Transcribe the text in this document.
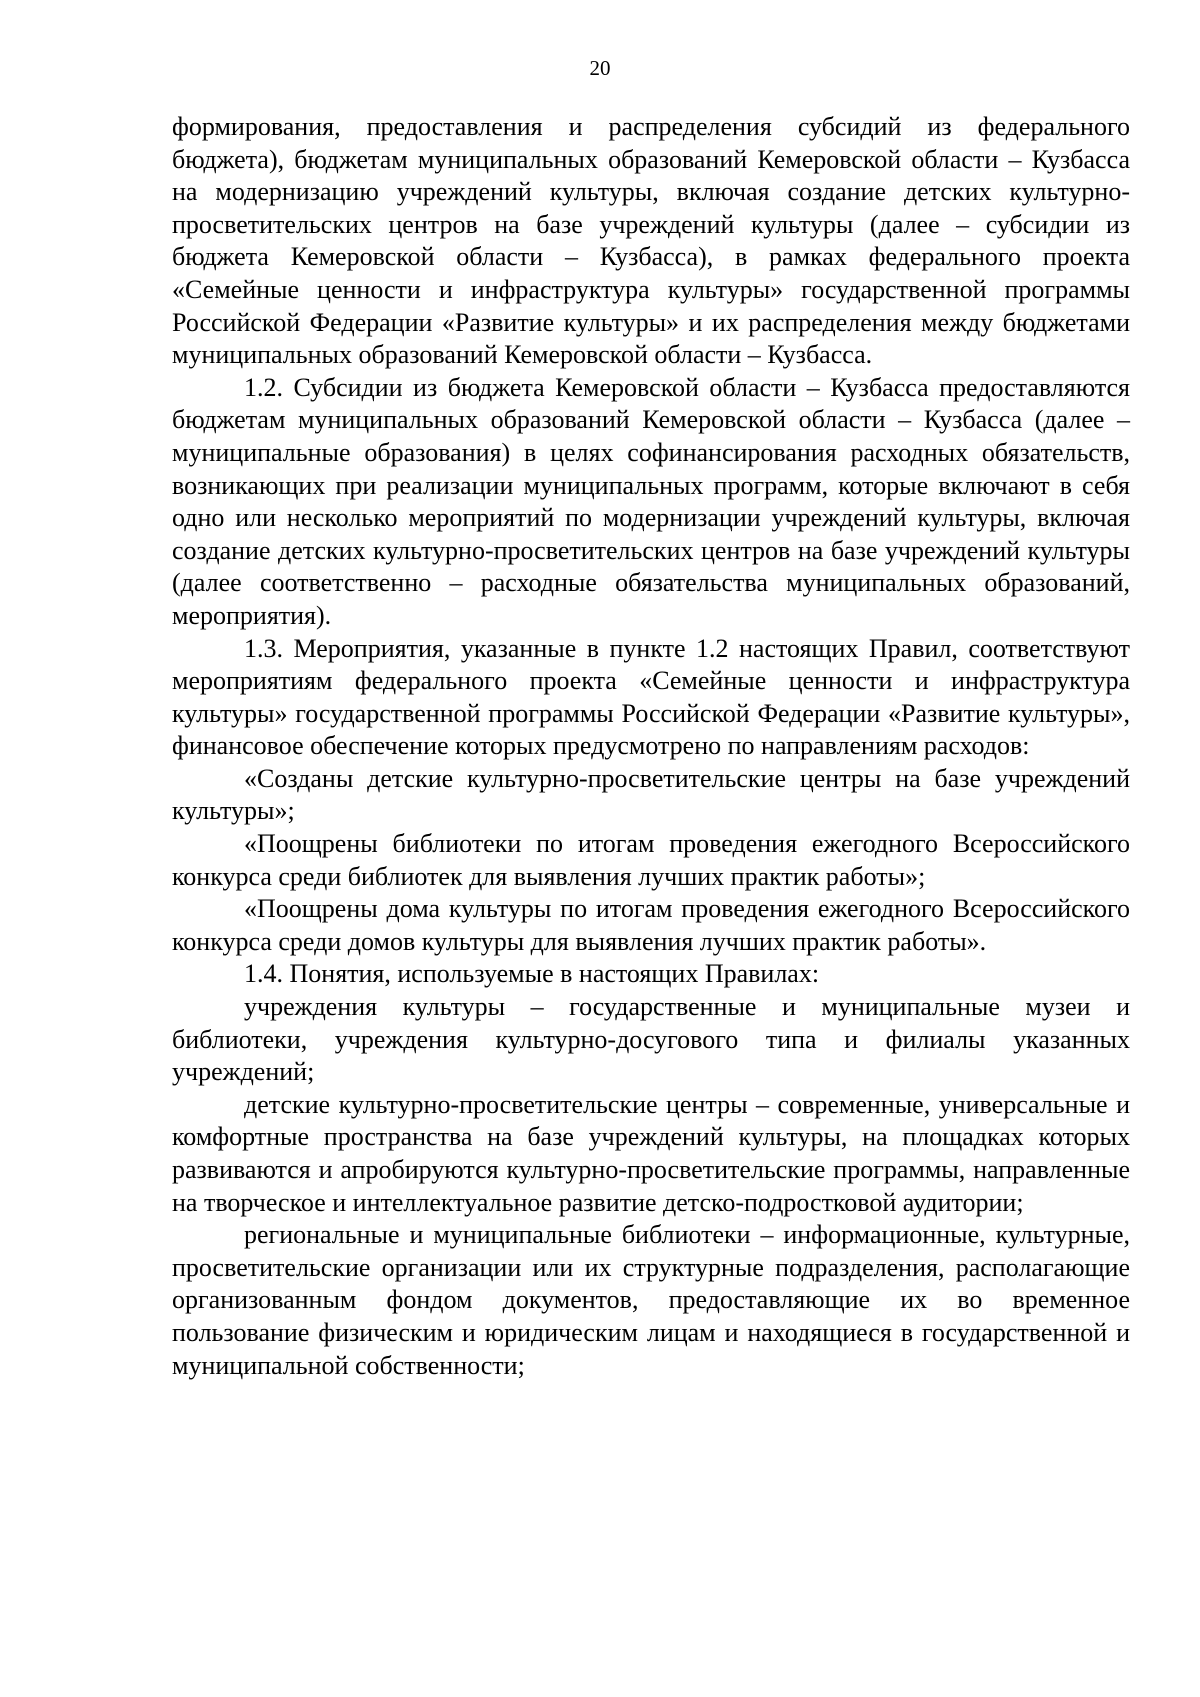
20

формирования, предоставления и распределения субсидий из федерального бюджета), бюджетам муниципальных образований Кемеровской области – Кузбасса на модернизацию учреждений культуры, включая создание детских культурно-просветительских центров на базе учреждений культуры (далее – субсидии из бюджета Кемеровской области – Кузбасса), в рамках федерального проекта «Семейные ценности и инфраструктура культуры» государственной программы Российской Федерации «Развитие культуры» и их распределения между бюджетами муниципальных образований Кемеровской области – Кузбасса.

1.2. Субсидии из бюджета Кемеровской области – Кузбасса предоставляются бюджетам муниципальных образований Кемеровской области – Кузбасса (далее – муниципальные образования) в целях софинансирования расходных обязательств, возникающих при реализации муниципальных программ, которые включают в себя одно или несколько мероприятий по модернизации учреждений культуры, включая создание детских культурно-просветительских центров на базе учреждений культуры (далее соответственно – расходные обязательства муниципальных образований, мероприятия).

1.3. Мероприятия, указанные в пункте 1.2 настоящих Правил, соответствуют мероприятиям федерального проекта «Семейные ценности и инфраструктура культуры» государственной программы Российской Федерации «Развитие культуры», финансовое обеспечение которых предусмотрено по направлениям расходов:

«Созданы детские культурно-просветительские центры на базе учреждений культуры»;

«Поощрены библиотеки по итогам проведения ежегодного Всероссийского конкурса среди библиотек для выявления лучших практик работы»;

«Поощрены дома культуры по итогам проведения ежегодного Всероссийского конкурса среди домов культуры для выявления лучших практик работы».

1.4. Понятия, используемые в настоящих Правилах:

учреждения культуры – государственные и муниципальные музеи и библиотеки, учреждения культурно-досугового типа и филиалы указанных учреждений;

детские культурно-просветительские центры – современные, универсальные и комфортные пространства на базе учреждений культуры, на площадках которых развиваются и апробируются культурно-просветительские программы, направленные на творческое и интеллектуальное развитие детско-подростковой аудитории;

региональные и муниципальные библиотеки – информационные, культурные, просветительские организации или их структурные подразделения, располагающие организованным фондом документов, предоставляющие их во временное пользование физическим и юридическим лицам и находящиеся в государственной и муниципальной собственности;
